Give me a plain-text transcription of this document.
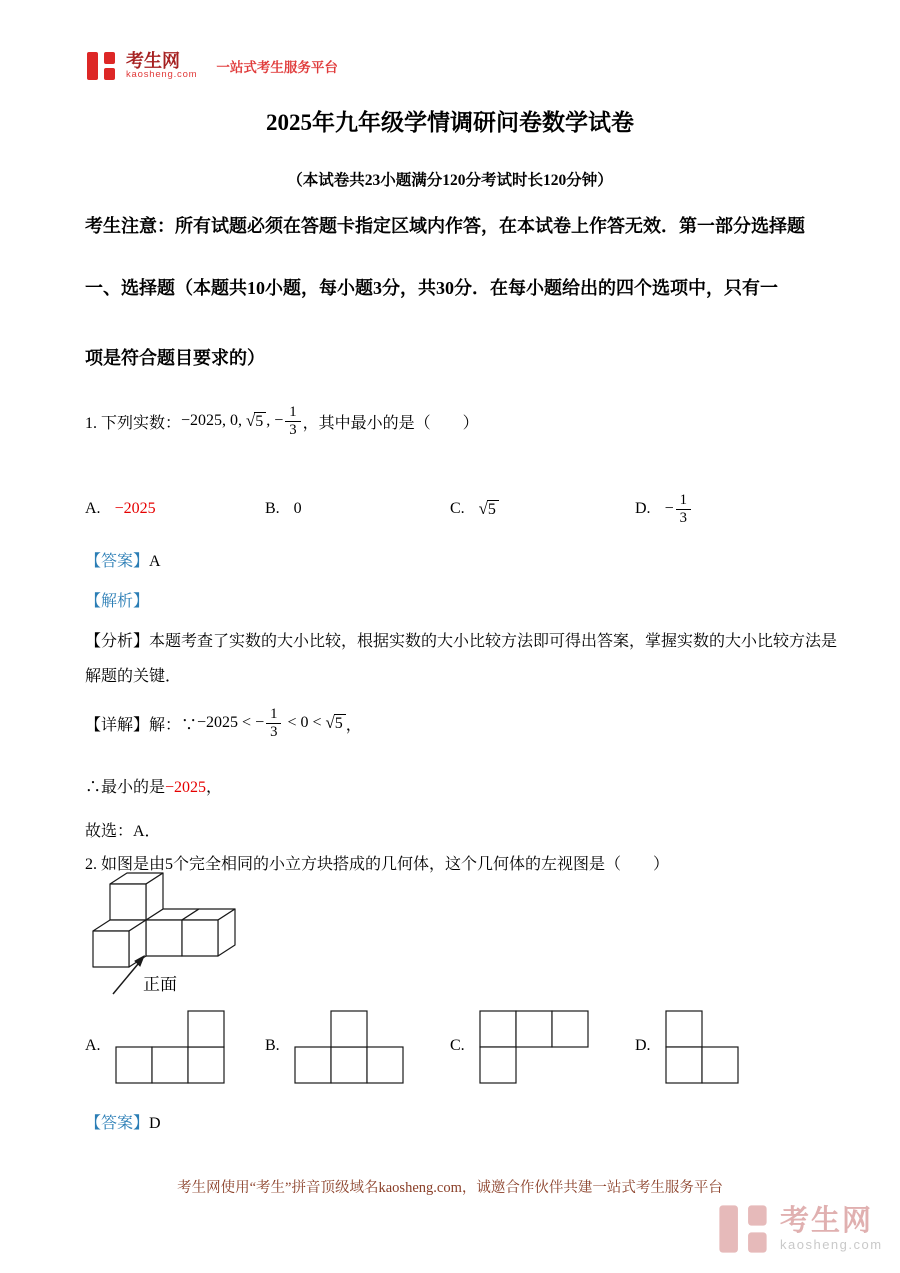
考生网
kaosheng.com 一站式考生服务平台
2025年九年级学情调研问卷数学试卷
（本试卷共23小题满分120分考试时长120分钟）
考生注意：所有试题必须在答题卡指定区域内作答，在本试卷上作答无效．第一部分选择题
一、选择题（本题共10小题，每小题3分，共30分．在每小题给出的四个选项中，只有一
项是符合题目要求的）
1. 下列实数： −2025, 0, √ 5 , − $\frac{1}{3}$ ，其中最小的是（　　）
A. −2025	B. 0	C. √ 5	D. − $\frac{1}{3}$
【答案】A
【解析】
【分析】本题考查了实数的大小比较，根据实数的大小比较方法即可得出答案，掌握实数的大小比较方法是解题的关键．
【详解】 解：∵ −2025 < − $\frac{1}{3} < 0$ < √ 5 ，
∴最小的是−2025，
故选：A．
2. 如图是由5个完全相同的小立方块搭成的几何体，这个几何体的左视图是（　　）
正面
A.	B.	C.	D.
【答案】D
考生网使用“考生”拼音顶级域名kaosheng.com，诚邀合作伙伴共建一站式考生服务平台
考生网
kaosheng.com
